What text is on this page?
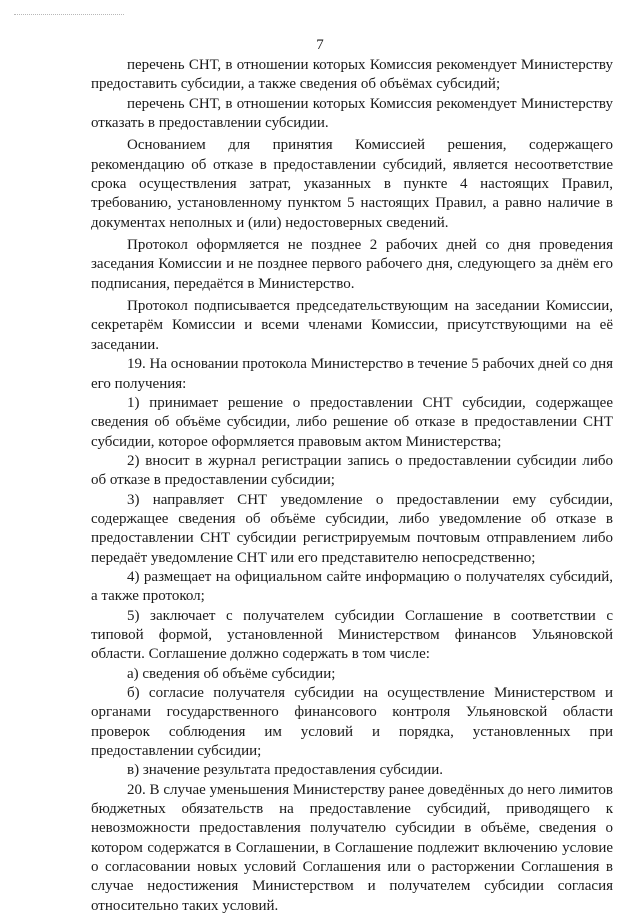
7

перечень СНТ, в отношении которых Комиссия рекомендует Министерству предоставить субсидии, а также сведения об объёмах субсидий;

перечень СНТ, в отношении которых Комиссия рекомендует Министерству отказать в предоставлении субсидии.

Основанием для принятия Комиссией решения, содержащего рекомендацию об отказе в предоставлении субсидий, является несоответствие срока осуществления затрат, указанных в пункте 4 настоящих Правил, требованию, установленному пунктом 5 настоящих Правил, а равно наличие в документах неполных и (или) недостоверных сведений.

Протокол оформляется не позднее 2 рабочих дней со дня проведения заседания Комиссии и не позднее первого рабочего дня, следующего за днём его подписания, передаётся в Министерство.

Протокол подписывается председательствующим на заседании Комиссии, секретарём Комиссии и всеми членами Комиссии, присутствующими на её заседании.

19. На основании протокола Министерство в течение 5 рабочих дней со дня его получения:

1) принимает решение о предоставлении СНТ субсидии, содержащее сведения об объёме субсидии, либо решение об отказе в предоставлении СНТ субсидии, которое оформляется правовым актом Министерства;

2) вносит в журнал регистрации запись о предоставлении субсидии либо об отказе в предоставлении субсидии;

3) направляет СНТ уведомление о предоставлении ему субсидии, содержащее сведения об объёме субсидии, либо уведомление об отказе в предоставлении СНТ субсидии регистрируемым почтовым отправлением либо передаёт уведомление СНТ или его представителю непосредственно;

4) размещает на официальном сайте информацию о получателях субсидий, а также протокол;

5) заключает с получателем субсидии Соглашение в соответствии с типовой формой, установленной Министерством финансов Ульяновской области. Соглашение должно содержать в том числе:

а) сведения об объёме субсидии;

б) согласие получателя субсидии на осуществление Министерством и органами государственного финансового контроля Ульяновской области проверок соблюдения им условий и порядка, установленных при предоставлении субсидии;

в) значение результата предоставления субсидии.

20. В случае уменьшения Министерству ранее доведённых до него лимитов бюджетных обязательств на предоставление субсидий, приводящего к невозможности предоставления получателю субсидии в объёме, сведения о котором содержатся в Соглашении, в Соглашение подлежит включению условие о согласовании новых условий Соглашения или о расторжении Соглашения в случае недостижения Министерством и получателем субсидии согласия относительно таких условий.
